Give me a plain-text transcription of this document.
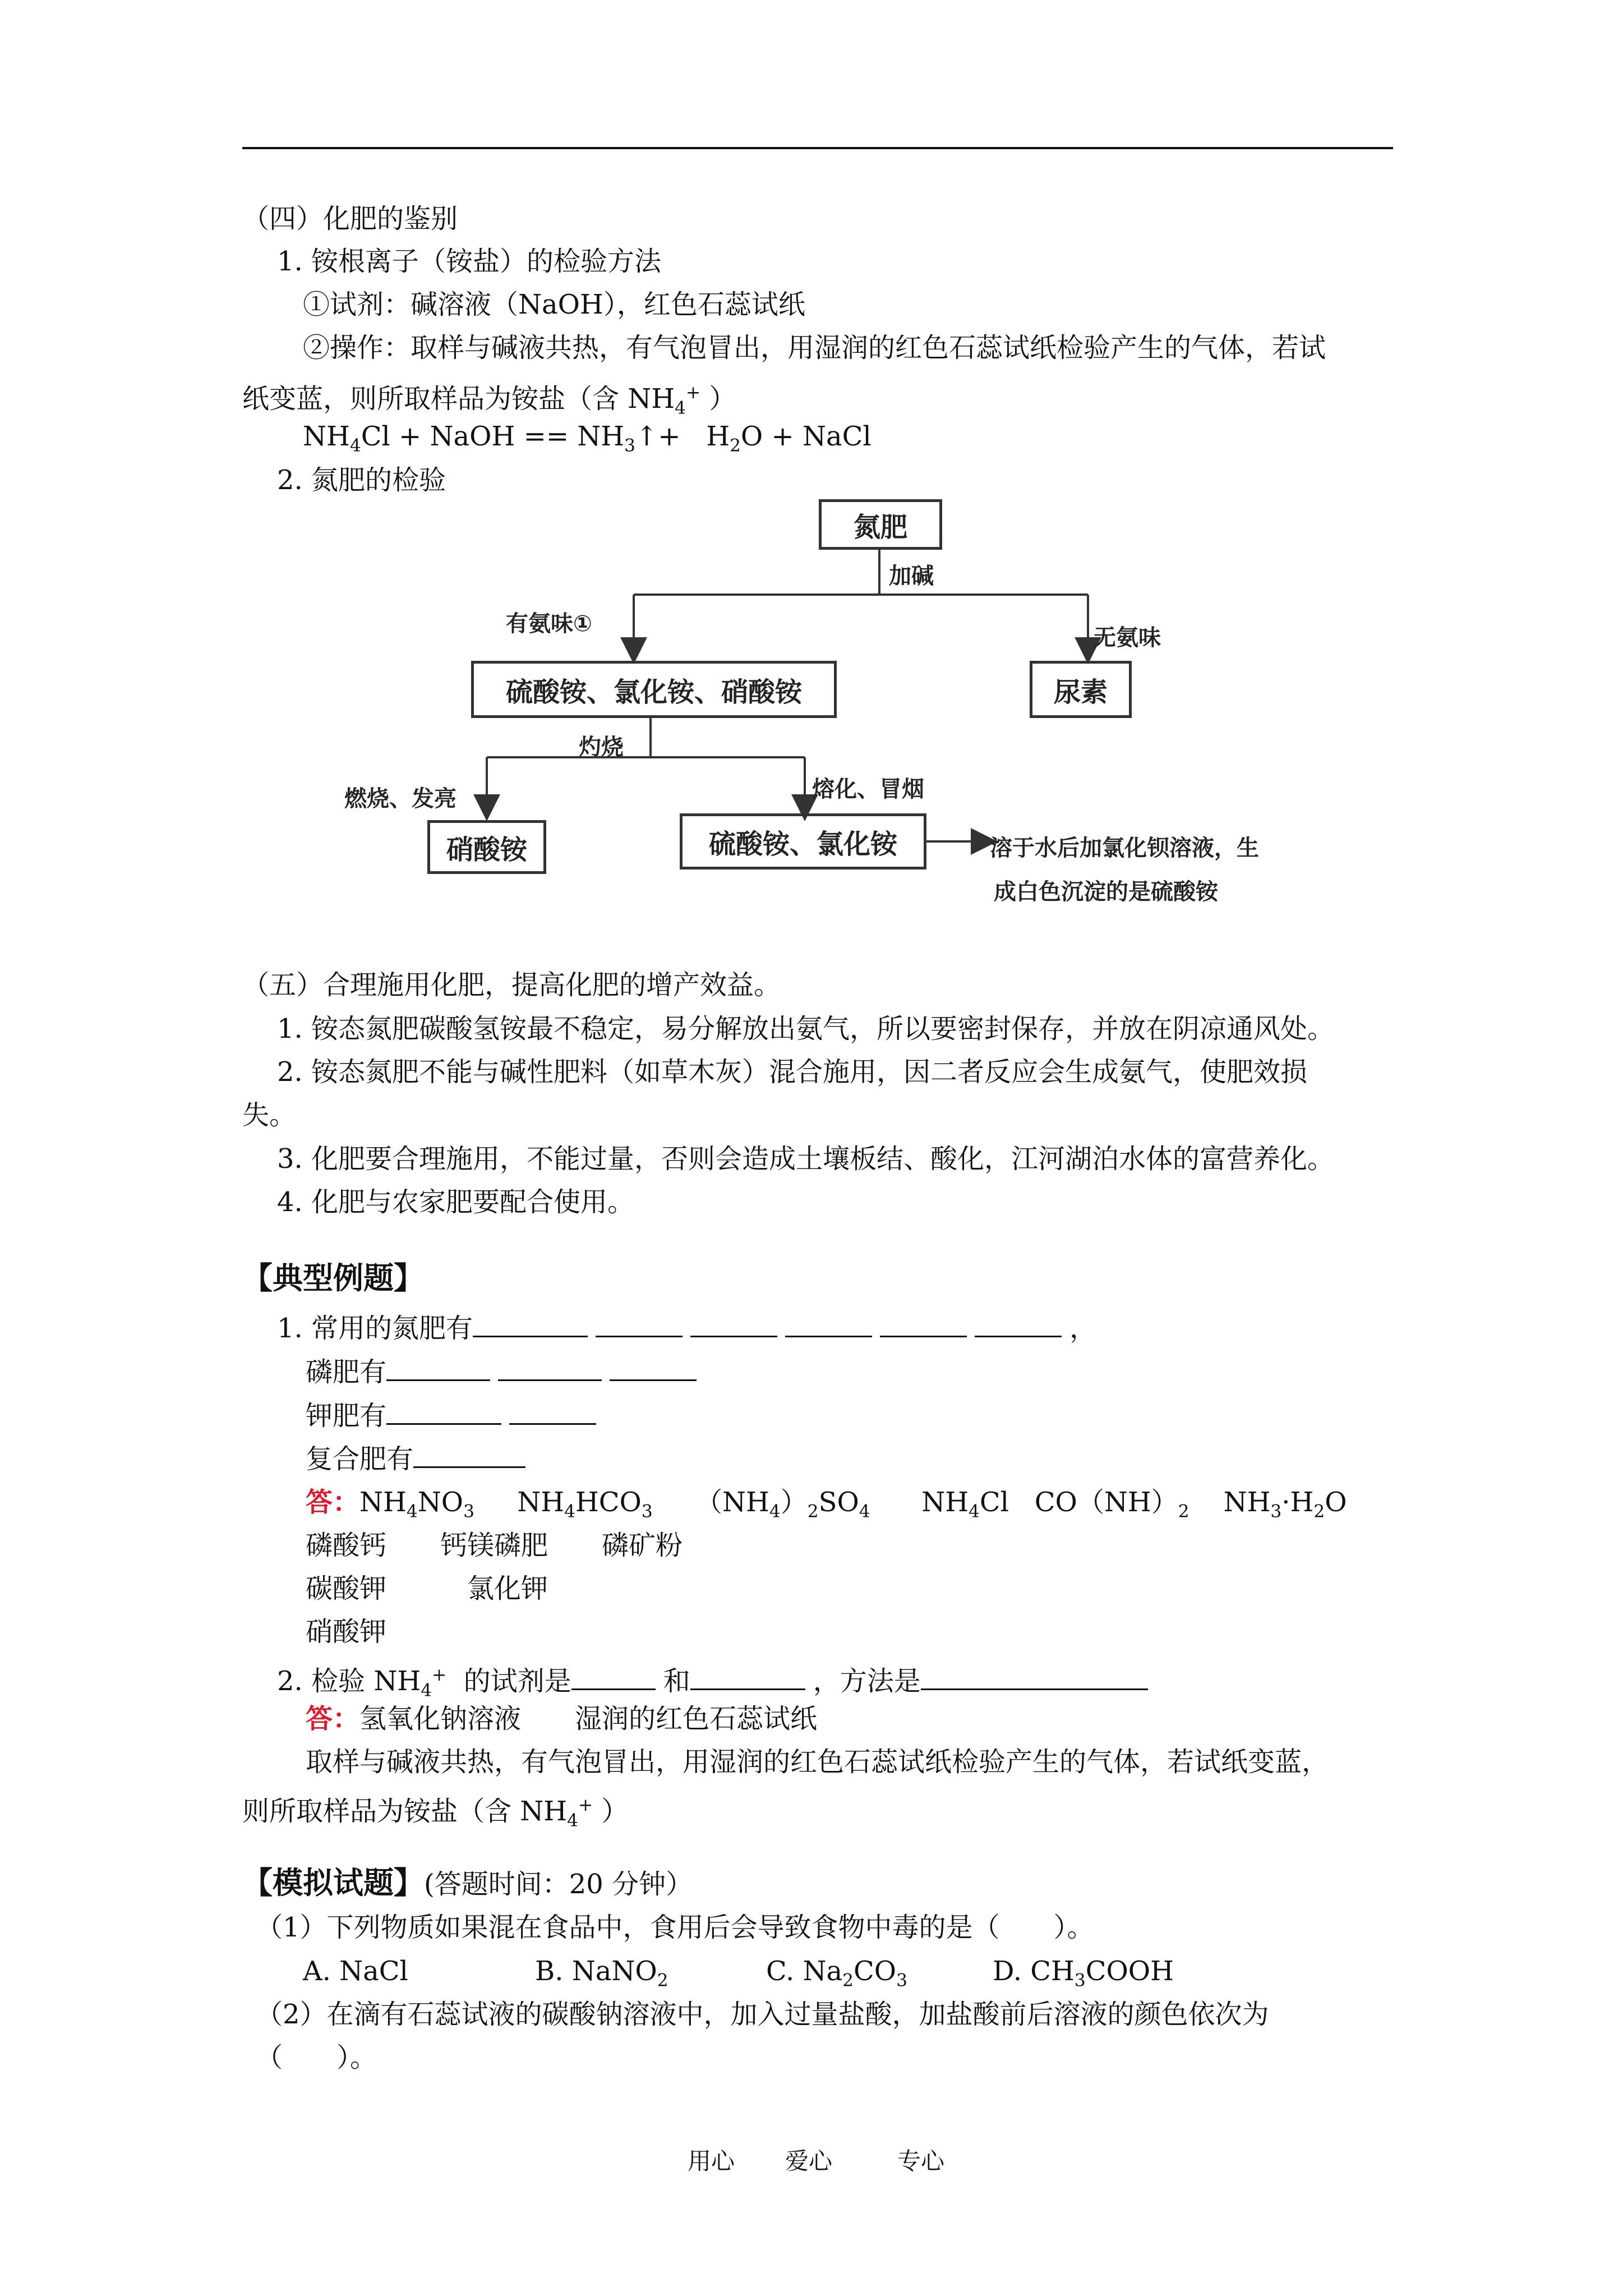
（四）化肥的鉴别
1. 铵根离子（铵盐）的检验方法
①试剂：碱溶液（NaOH），红色石蕊试纸
②操作：取样与碱液共热，有气泡冒出，用湿润的红色石蕊试纸检验产生的气体，若试
纸变蓝，则所取样品为铵盐（含 $NH_4^+$ ）
$NH_4Cl$ + NaOH == $NH_3↑+ H_2O$ + NaCl
2. 氮肥的检验
氮肥
加碱
有氨味①
无氨味
硫酸铵、氯化铵、硝酸铵	尿素
灼烧
燃烧、发亮	熔化、冒烟
硝酸铵	硫酸铵、氯化铵	溶于水后加氯化钡溶液，生
成白色沉淀的是硫酸铵
（五）合理施用化肥，提高化肥的增产效益。
1. 铵态氮肥碳酸氢铵最不稳定，易分解放出氨气，所以要密封保存，并放在阴凉通风处。
2. 铵态氮肥不能与碱性肥料（如草木灰）混合施用，因二者反应会生成氨气，使肥效损
失。
3. 化肥要合理施用，不能过量，否则会造成土壤板结、酸化，江河湖泊水体的富营养化。
4. 化肥与农家肥要配合使用。
【典型例题】
1. 常用的氮肥有	，
磷肥有
钾肥有
复合肥有
答：$NH_4NO_3$     $NH_4HCO_3$     $(NH_4)_2SO_4$      $NH_4Cl$   $CO(NH)_2$    $NH_3\cdot H_2O$
磷酸钙　　钙镁磷肥　　磷矿粉
碳酸钾　　　氯化钾
硝酸钾
2. 检验 $NH_4^+$ 的试剂是	和	，方法是
答：氢氧化钠溶液　　湿润的红色石蕊试纸
取样与碱液共热，有气泡冒出，用湿润的红色石蕊试纸检验产生的气体，若试纸变蓝，
则所取样品为铵盐（含 $NH_4^+$ ）
【模拟试题】(答题时间：20 分钟）
（1）下列物质如果混在食品中，食用后会导致食物中毒的是（　　）。
A. NaCl	B. NaNO$_2$	C. $Na_2CO_3$	D. $CH_3COOH$
（2）在滴有石蕊试液的碳酸钠溶液中，加入过量盐酸，加盐酸前后溶液的颜色依次为
（　　）。
用心 爱心	专心
